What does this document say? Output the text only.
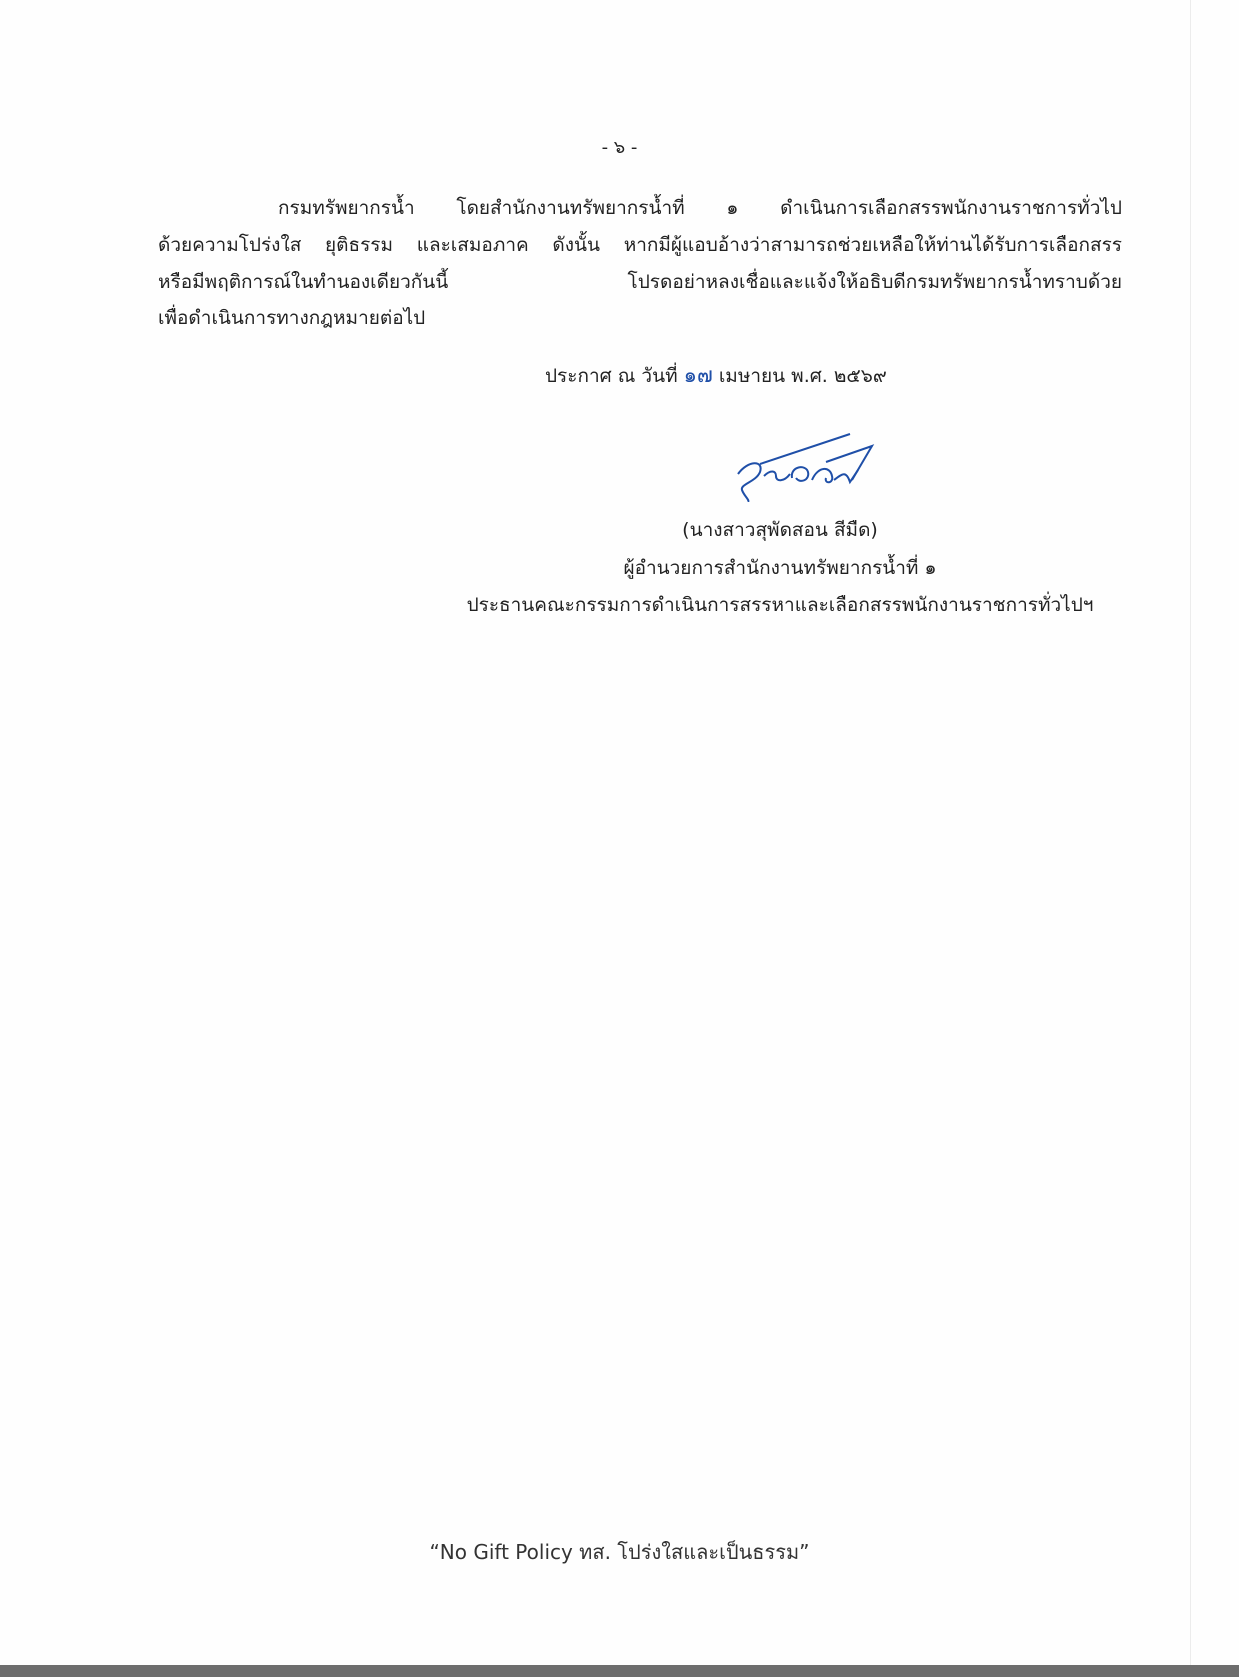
- ๖ -
กรมทรัพยากรน้ำ โดยสำนักงานทรัพยากรน้ำที่ ๑ ดำเนินการเลือกสรรพนักงานราชการทั่วไป
ด้วยความโปร่งใส ยุติธรรม และเสมอภาค ดังนั้น หากมีผู้แอบอ้างว่าสามารถช่วยเหลือให้ท่านได้รับการเลือกสรร
หรือมีพฤติการณ์ในทำนองเดียวกันนี้ โปรดอย่าหลงเชื่อและแจ้งให้อธิบดีกรมทรัพยากรน้ำทราบด้วย
เพื่อดำเนินการทางกฎหมายต่อไป
ประกาศ ณ วันที่ ๑๗ เมษายน พ.ศ. ๒๕๖๙
(นางสาวสุพัดสอน สีมืด)
ผู้อำนวยการสำนักงานทรัพยากรน้ำที่ ๑
ประธานคณะกรรมการดำเนินการสรรหาและเลือกสรรพนักงานราชการทั่วไปฯ
“No Gift Policy ทส. โปร่งใสและเป็นธรรม”
